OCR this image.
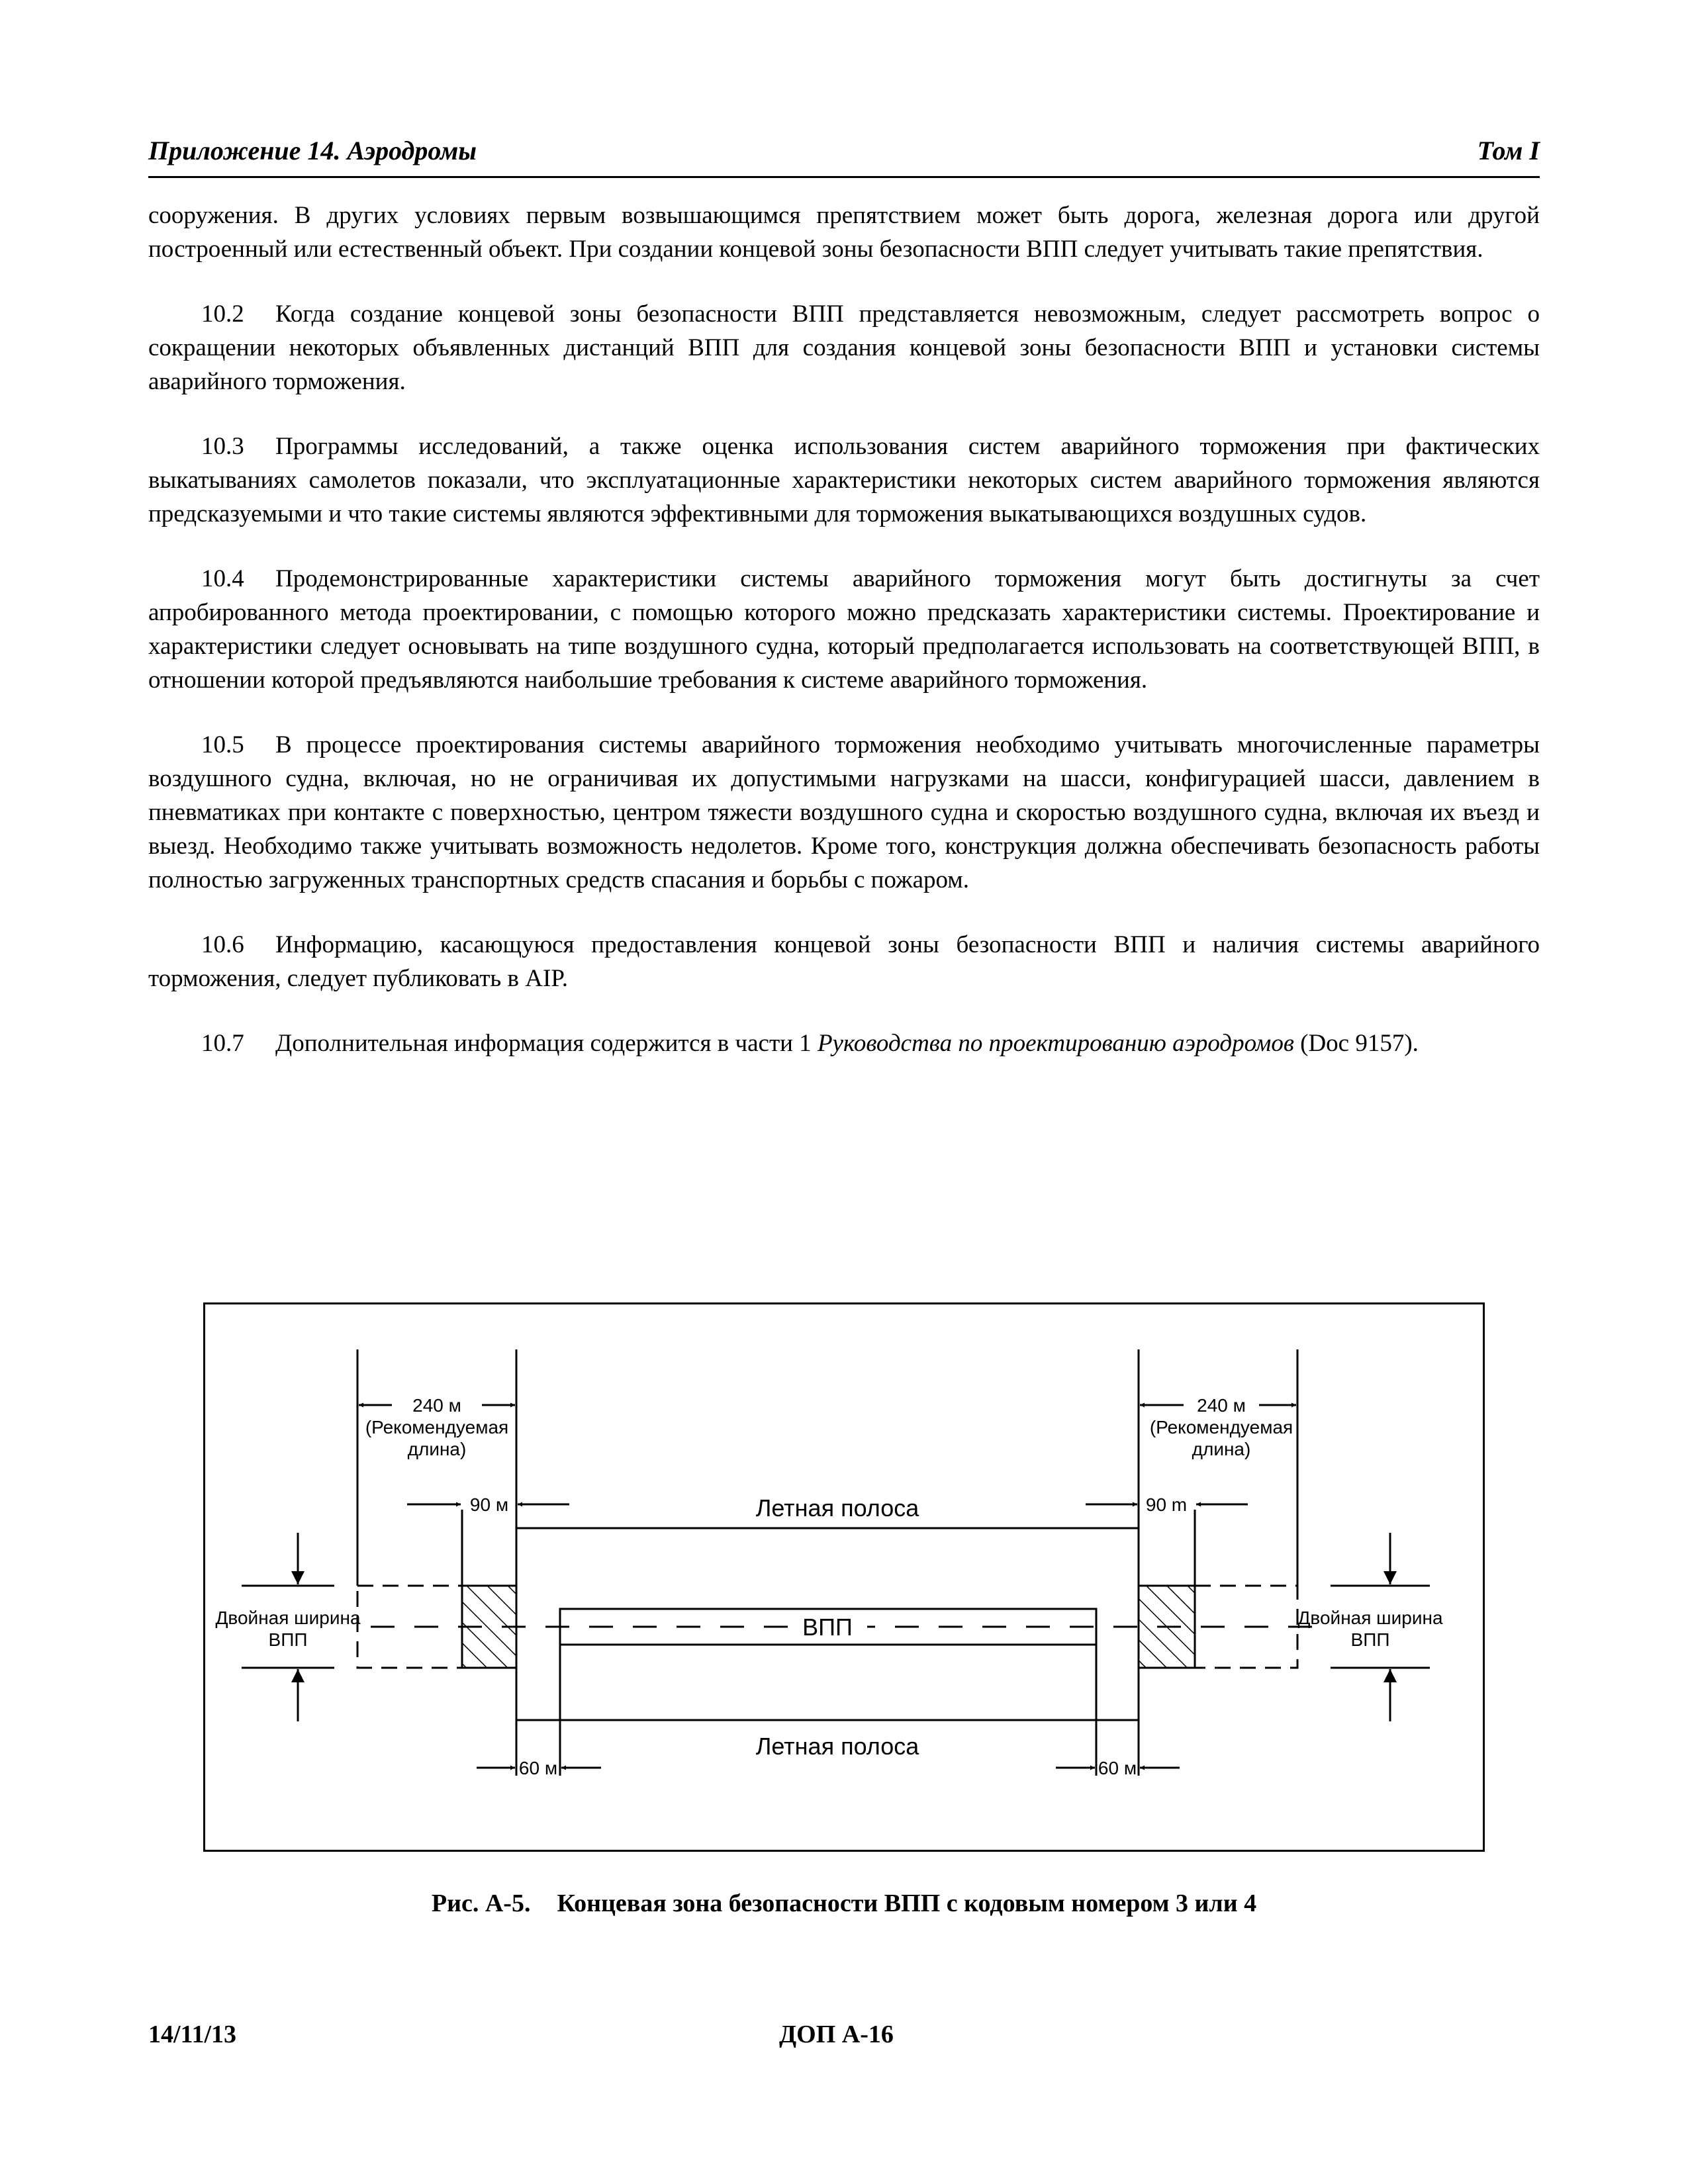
Приложение 14. Аэродромы	Том I

сооружения. В других условиях первым возвышающимся препятствием может быть дорога, железная дорога или другой построенный или естественный объект. При создании концевой зоны безопасности ВПП следует учитывать такие препятствия.

10.2 Когда создание концевой зоны безопасности ВПП представляется невозможным, следует рассмотреть вопрос о сокращении некоторых объявленных дистанций ВПП для создания концевой зоны безопасности ВПП и установки системы аварийного торможения.

10.3 Программы исследований, а также оценка использования систем аварийного торможения при фактических выкатываниях самолетов показали, что эксплуатационные характеристики некоторых систем аварийного торможения являются предсказуемыми и что такие системы являются эффективными для торможения выкатывающихся воздушных судов.

10.4 Продемонстрированные характеристики системы аварийного торможения могут быть достигнуты за счет апробированного метода проектировании, с помощью которого можно предсказать характеристики системы. Проектирование и характеристики следует основывать на типе воздушного судна, который предполагается использовать на соответствующей ВПП, в отношении которой предъявляются наибольшие требования к системе аварийного торможения.

10.5 В процессе проектирования системы аварийного торможения необходимо учитывать многочисленные параметры воздушного судна, включая, но не ограничивая их допустимыми нагрузками на шасси, конфигурацией шасси, давлением в пневматиках при контакте с поверхностью, центром тяжести воздушного судна и скоростью воздушного судна, включая их въезд и выезд. Необходимо также учитывать возможность недолетов. Кроме того, конструкция должна обеспечивать безопасность работы полностью загруженных транспортных средств спасания и борьбы с пожаром.

10.6 Информацию, касающуюся предоставления концевой зоны безопасности ВПП и наличия системы аварийного торможения, следует публиковать в AIP.

10.7 Дополнительная информация содержится в части 1 Руководства по проектированию аэродромов (Doc 9157).

ВПП
240 м
(Рекомендуемая
длина)
240 м
(Рекомендуемая
длина)
90 м	90 m
Летная полоса
Летная полоса
Двойная ширина
ВПП
Двойная ширина
ВПП
60 м	60 м
Рис. А-5. Концевая зона безопасности ВПП с кодовым номером 3 или 4
14/11/13	ДОП А-16
